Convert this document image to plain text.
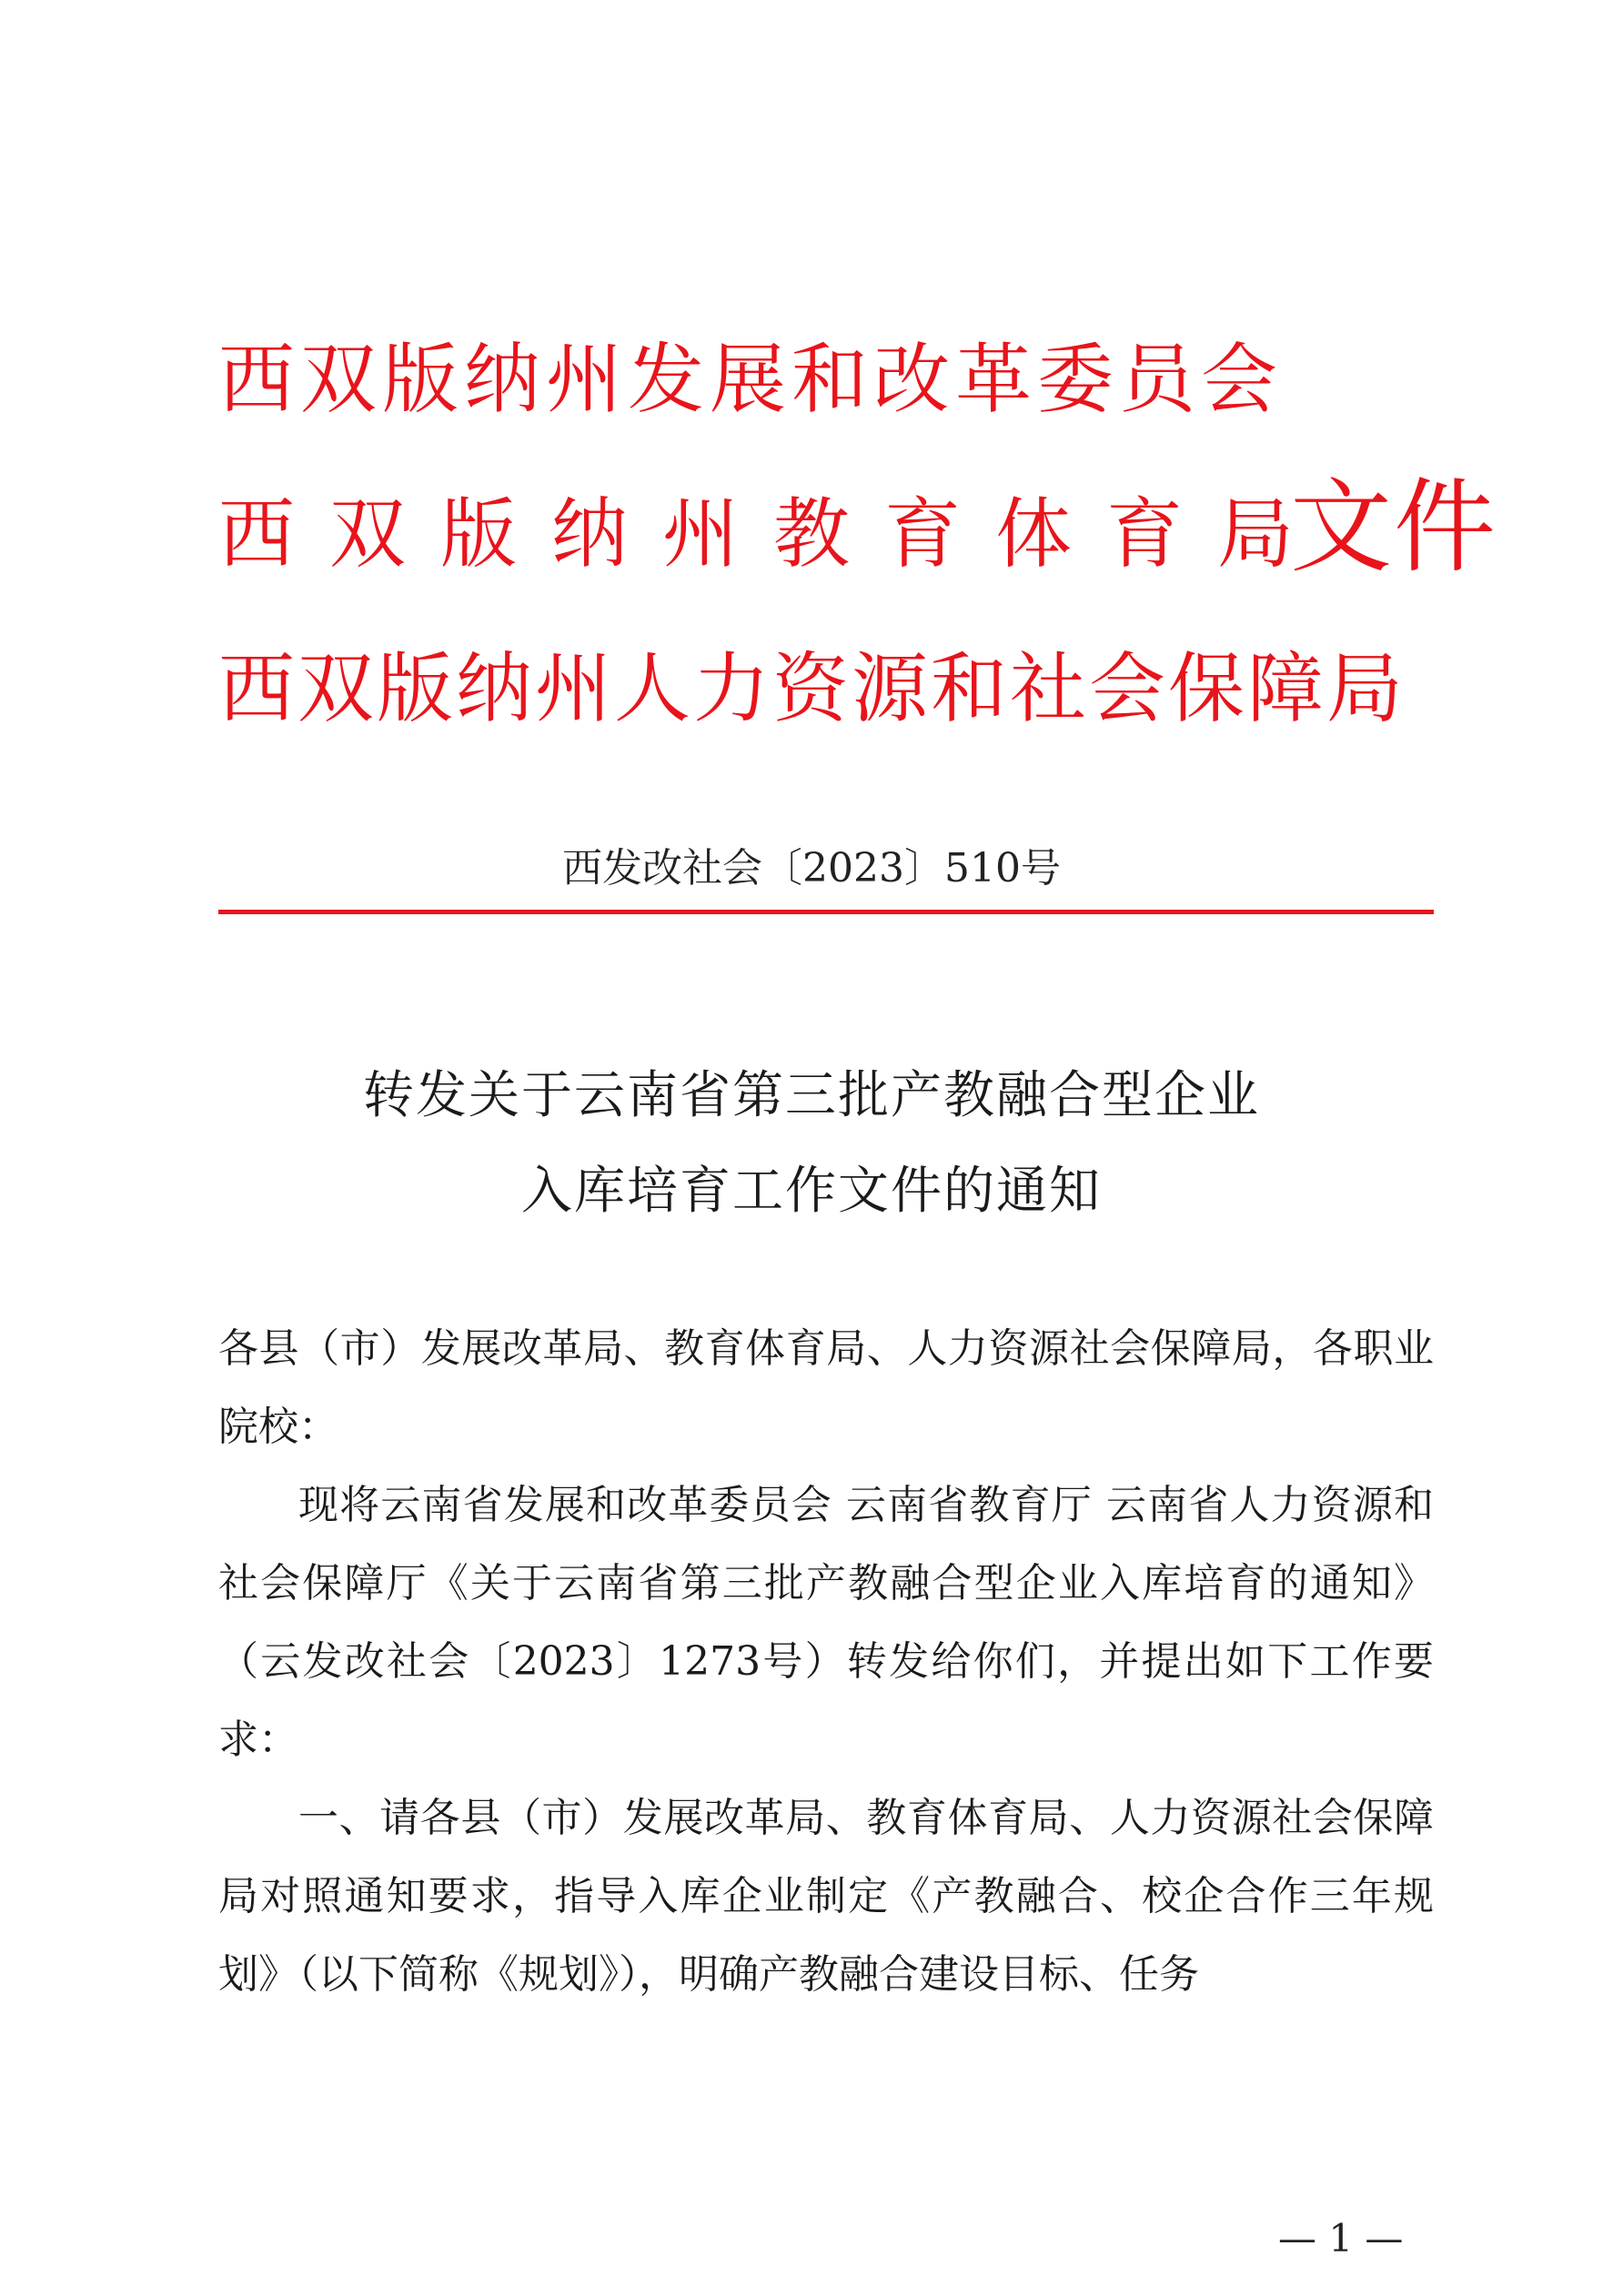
西双版纳州发展和改革委员会
西双版纳州教育体育局
文件
西双版纳州人力资源和社会保障局
西发改社会〔2023〕510号
转发关于云南省第三批产教融合型企业
入库培育工作文件的通知

各县（市）发展改革局、教育体育局、人力资源社会保障局，各职业院校：

现将云南省发展和改革委员会 云南省教育厅 云南省人力资源和社会保障厅《关于云南省第三批产教融合型企业入库培育的通知》（云发改社会〔2023〕1273号）转发给你们，并提出如下工作要求：

一、请各县（市）发展改革局、教育体育局、人力资源社会保障局对照通知要求，指导入库企业制定《产教融合、校企合作三年规划》（以下简称《规划》），明确产教融合建设目标、任务

— 1 —
